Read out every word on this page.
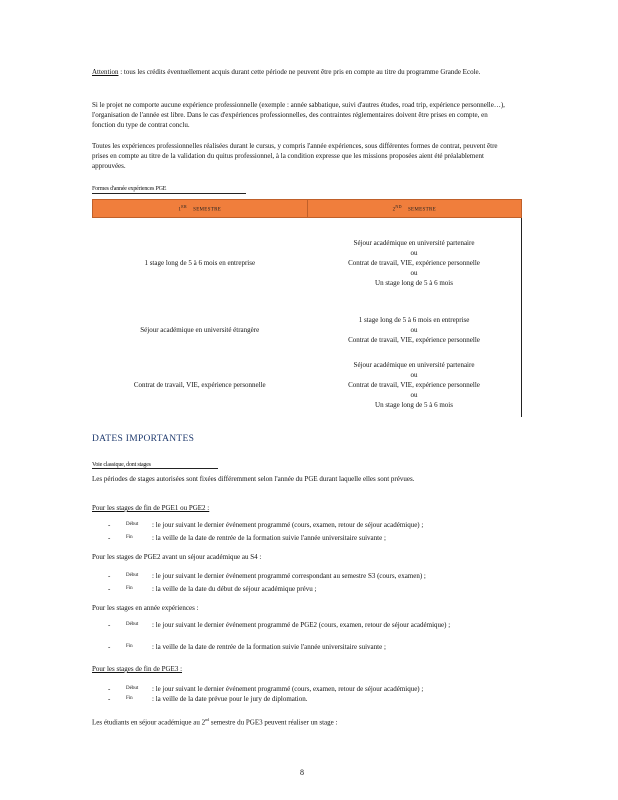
Attention : tous les crédits éventuellement acquis durant cette période ne peuvent être pris en compte au titre du programme Grande Ecole.
Si le projet ne comporte aucune expérience professionnelle (exemple : année sabbatique, suivi d'autres études, road trip, expérience personnelle…), l'organisation de l'année est libre. Dans le cas d'expériences professionnelles, des contraintes réglementaires doivent être prises en compte, en fonction du type de contrat conclu.
Toutes les expériences professionnelles réalisées durant le cursus, y compris l'année expériences, sous différentes formes de contrat, peuvent être prises en compte au titre de la validation du quitus professionnel, à la condition expresse que les missions proposées aient été préalablement approuvées.
Formes d'année expériences PGE
1ER    SEMESTRE	2ND    SEMESTRE
1 stage long de 5 à 6 mois en entreprise	Séjour académique en université partenaire
ou
Contrat de travail, VIE, expérience personnelle
ou
Un stage long de 5 à 6 mois

Séjour académique en université étrangère	1 stage long de 5 à 6 mois en entreprise
ou
Contrat de travail, VIE, expérience personnelle

Contrat de travail, VIE, expérience personnelle	Séjour académique en université partenaire
ou
Contrat de travail, VIE, expérience personnelle
ou
Un stage long de 5 à 6 mois
DATES IMPORTANTES
Voie classique, dont stages
Les périodes de stages autorisées sont fixées différemment selon l'année du PGE durant laquelle elles sont prévues.
Pour les stages de fin de PGE1 ou PGE2 :
-	Début : le jour suivant le dernier événement programmé (cours, examen, retour de séjour académique) ;
-	Fin	: la veille de la date de rentrée de la formation suivie l'année universitaire suivante ;
Pour les stages de PGE2 avant un séjour académique au S4 :
-	Début : le jour suivant le dernier événement programmé correspondant au semestre S3 (cours, examen) ;
-	Fin	: la veille de la date du début de séjour académique prévu ;
Pour les stages en année expériences :
-	Début : le jour suivant le dernier événement programmé de PGE2 (cours, examen, retour de séjour académique) ;
-	Fin	: la veille de la date de rentrée de la formation suivie l'année universitaire suivante ;
Pour les stages de fin de PGE3 :
-	Début : le jour suivant le dernier événement programmé (cours, examen, retour de séjour académique) ;
-	Fin	: la veille de la date prévue pour le jury de diplomation.
Les étudiants en séjour académique au 2nd semestre du PGE3 peuvent réaliser un stage :
8
